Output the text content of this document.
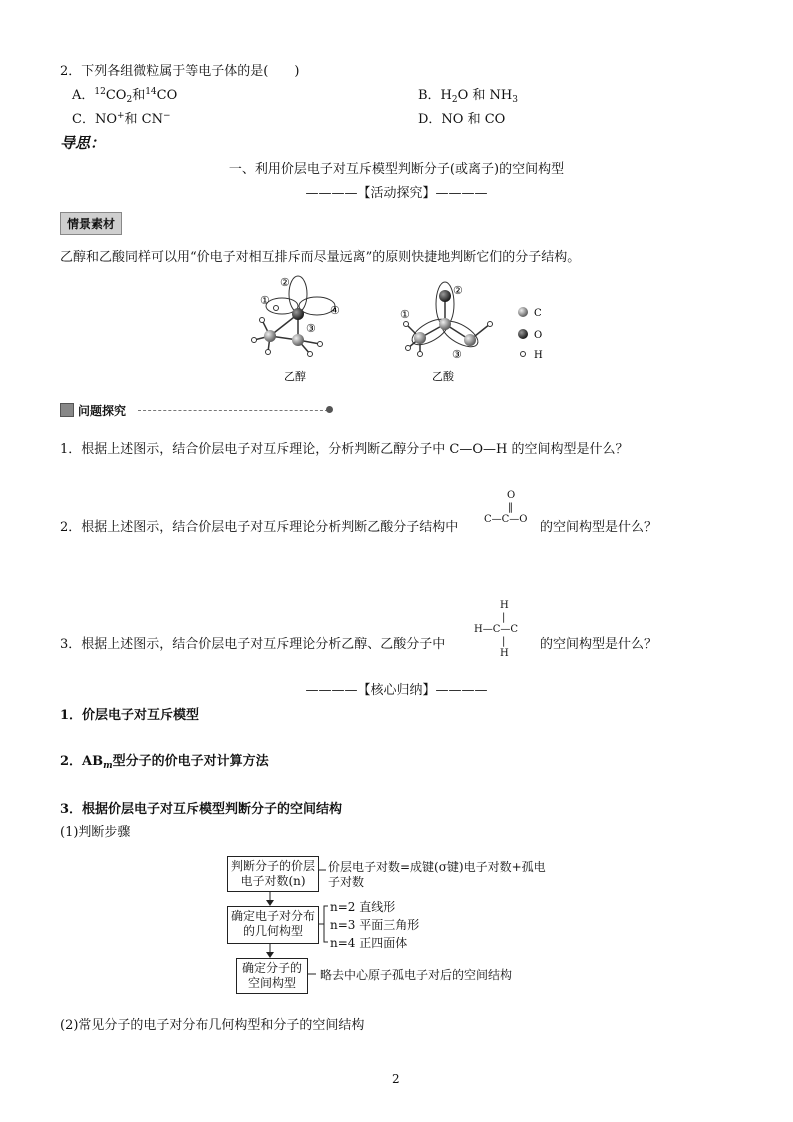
2．下列各组微粒属于等电子体的是(　　)
A．$^{12}CO_2$和$^{14}$CO	B．$H_2O$ 和 $NH_3$
C．NO+和 CN−	D．NO 和 CO
导思：
一、利用价层电子对互斥模型判断分子(或离子)的空间构型
————【活动探究】————
情景素材
乙醇和乙酸同样可以用“价电子对相互排斥而尽量远离”的原则快捷地判断它们的分子结构。
②
①
③
④
乙醇
②
①
③
乙酸
C
O
H
问题探究
1．根据上述图示，结合价层电子对互斥理论，分析判断乙醇分子中 C—O—H 的空间构型是什么？
2．根据上述图示，结合价层电子对互斥理论分析判断乙酸分子结构中
O
‖
C—C—O
的空间构型是什么？
H
|
H—C—C
|
H
3．根据上述图示，结合价层电子对互斥理论分析乙醇、乙酸分子中	的空间构型是什么？
————【核心归纳】————
1．价层电子对互斥模型
2．$AB_m$型分子的价电子对计算方法
3．根据价层电子对互斥模型判断分子的空间结构
(1)判断步骤
判断分子的价层
电子对数(n)
价层电子对数=成键(σ键)电子对数+孤电
子对数
确定电子对分布
的几何构型
n=2 直线形
n=3 平面三角形
n=4 正四面体
确定分子的
空间构型
略去中心原子孤电子对后的空间结构
(2)常见分子的电子对分布几何构型和分子的空间结构
2
